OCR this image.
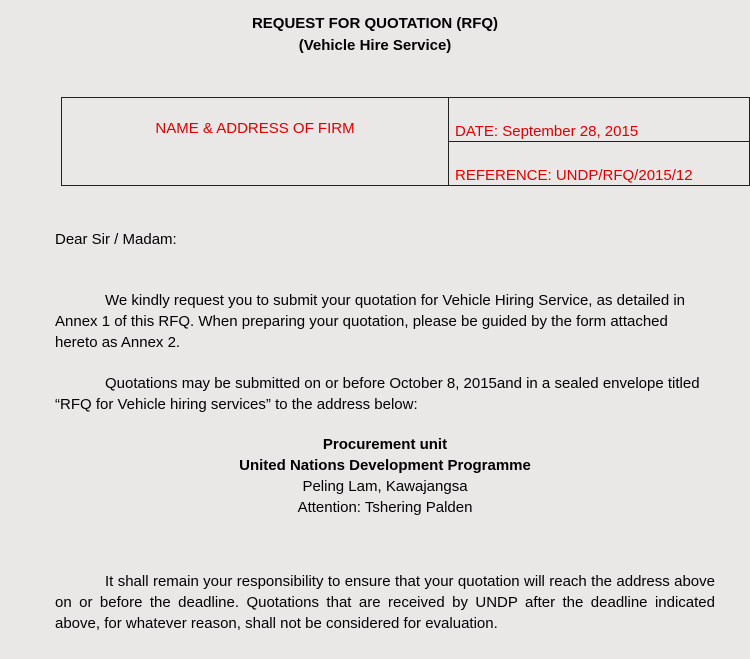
REQUEST FOR QUOTATION (RFQ)
(Vehicle Hire Service)
NAME & ADDRESS OF FIRM	DATE: September 28, 2015
REFERENCE: UNDP/RFQ/2015/12
Dear Sir / Madam:
We kindly request you to submit your quotation for Vehicle Hiring Service, as detailed in Annex 1 of this RFQ. When preparing your quotation, please be guided by the form attached hereto as Annex 2.
Quotations may be submitted on or before October 8, 2015and in a sealed envelope titled “RFQ for Vehicle hiring services” to the address below:
Procurement unit
United Nations Development Programme
Peling Lam, Kawajangsa
Attention: Tshering Palden
It shall remain your responsibility to ensure that your quotation will reach the address above on or before the deadline. Quotations that are received by UNDP after the deadline indicated above, for whatever reason, shall not be considered for evaluation.
